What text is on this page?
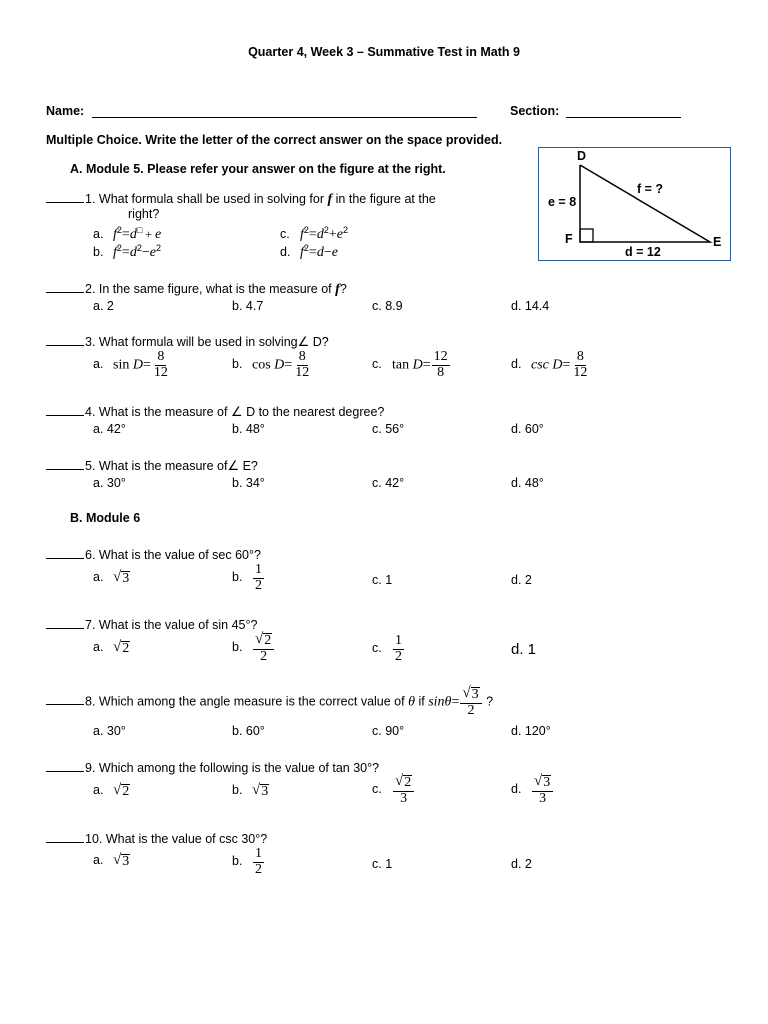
Quarter 4, Week 3 – Summative Test in Math 9
Name:	Section:
Multiple Choice. Write the letter of the correct answer on the space provided.
A. Module 5. Please refer your answer on the figure at the right.
D
F	E
e = 8
f = ?
d = 12
1. What formula shall be used in solving for f in the figure at the
right?
a. $f^2=d^□ + e$
b. $f^2=d^2-e^2$
c. $f^2=d^2+e^2$
d. $f^2=d-e$
2. In the same figure, what is the measure of f?
a. 2	b. 4.7	c. 8.9	d. 14.4
3. What formula will be used in solving∠ D?
a. $\sin D= \frac{8}{12}$	b. $\cos D= \frac{8}{12}$	c. $\tan D= \frac{12}{8}$	d. $\csc D= \frac{8}{12}$
4. What is the measure of ∠ D to the nearest degree?
a. 42°	b. 48°	c. 56°	d. 60°
5. What is the measure of∠ E?
a. 30°	b. 34°	c. 42°	d. 48°
B. Module 6
6. What is the value of sec 60°?
a. √ 3	b. $\frac{1}{2}$	c. 1	d. 2
7. What is the value of sin 45°?
a. √ 2	b. $\frac{√ 2}{2}$	c. $\frac{1}{2}$	d. 1
8. Which among the angle measure is the correct value of θ if $\sin\theta= \frac{√ 3}{2}$ ?
a. 30°	b. 60°	c. 90°	d. 120°
9. Which among the following is the value of tan 30°?
a. √ 2	b. √ 3	c. $\frac{√ 2}{3}$	d. $\frac{√ 3}{3}$
10. What is the value of csc 30°?
a. √ 3	b. $\frac{1}{2}$	c. 1	d. 2
